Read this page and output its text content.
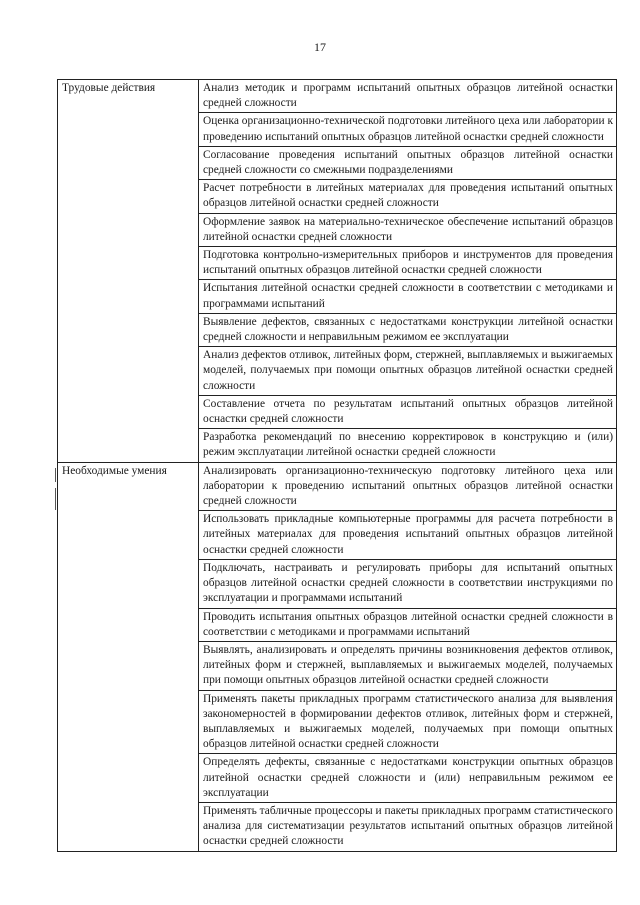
17
Трудовые действия	Анализ методик и программ испытаний опытных образцов литейной оснастки средней сложности
	Оценка организационно-технической подготовки литейного цеха или лаборатории к проведению испытаний опытных образцов литейной оснастки средней сложности
	Согласование проведения испытаний опытных образцов литейной оснастки средней сложности со смежными подразделениями
	Расчет потребности в литейных материалах для проведения испытаний опытных образцов литейной оснастки средней сложности
	Оформление заявок на материально-техническое обеспечение испытаний образцов литейной оснастки средней сложности
	Подготовка контрольно-измерительных приборов и инструментов для проведения испытаний опытных образцов литейной оснастки средней сложности
	Испытания литейной оснастки средней сложности в соответствии с методиками и программами испытаний
	Выявление дефектов, связанных с недостатками конструкции литейной оснастки средней сложности и неправильным режимом ее эксплуатации
	Анализ дефектов отливок, литейных форм, стержней, выплавляемых и выжигаемых моделей, получаемых при помощи опытных образцов литейной оснастки средней сложности
	Составление отчета по результатам испытаний опытных образцов литейной оснастки средней сложности
	Разработка рекомендаций по внесению корректировок в конструкцию и (или) режим эксплуатации литейной оснастки средней сложности
Необходимые умения	Анализировать организационно-техническую подготовку литейного цеха или лаборатории к проведению испытаний опытных образцов литейной оснастки средней сложности
	Использовать прикладные компьютерные программы для расчета потребности в литейных материалах для проведения испытаний опытных образцов литейной оснастки средней сложности
	Подключать, настраивать и регулировать приборы для испытаний опытных образцов литейной оснастки средней сложности в соответствии инструкциями по эксплуатации и программами испытаний
	Проводить испытания опытных образцов литейной оснастки средней сложности в соответствии с методиками и программами испытаний
	Выявлять, анализировать и определять причины возникновения дефектов отливок, литейных форм и стержней, выплавляемых и выжигаемых моделей, получаемых при помощи опытных образцов литейной оснастки средней сложности
	Применять пакеты прикладных программ статистического анализа для выявления закономерностей в формировании дефектов отливок, литейных форм и стержней, выплавляемых и выжигаемых моделей, получаемых при помощи опытных образцов литейной оснастки средней сложности
	Определять дефекты, связанные с недостатками конструкции опытных образцов литейной оснастки средней сложности и (или) неправильным режимом ее эксплуатации
	Применять табличные процессоры и пакеты прикладных программ статистического анализа для систематизации результатов испытаний опытных образцов литейной оснастки средней сложности
